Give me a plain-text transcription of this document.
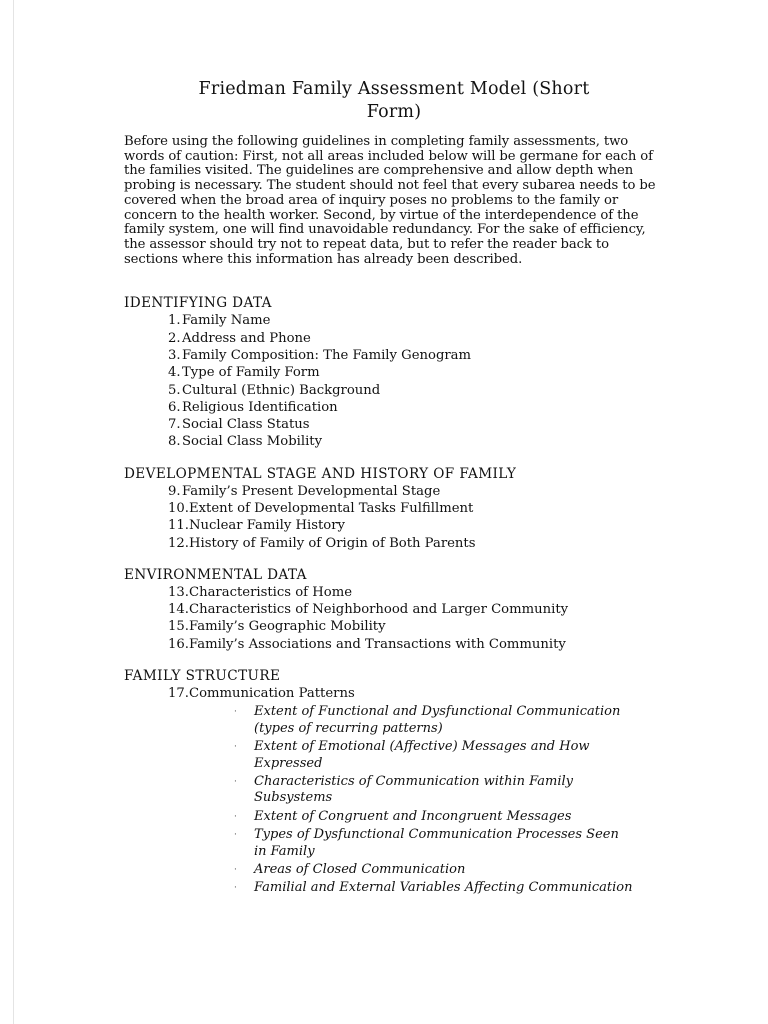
Friedman Family Assessment Model (Short Form)

Before using the following guidelines in completing family assessments, two words of caution: First, not all areas included below will be germane for each of the families visited. The guidelines are comprehensive and allow depth when probing is necessary. The student should not feel that every subarea needs to be covered when the broad area of inquiry poses no problems to the family or concern to the health worker. Second, by virtue of the interdependence of the family system, one will find unavoidable redundancy. For the sake of efficiency, the assessor should try not to repeat data, but to refer the reader back to sections where this information has already been described.

IDENTIFYING DATA
1.Family Name
2.Address and Phone
3.Family Composition: The Family Genogram
4.Type of Family Form
5.Cultural (Ethnic) Background
6.Religious Identification
7.Social Class Status
8.Social Class Mobility
DEVELOPMENTAL STAGE AND HISTORY OF FAMILY
9.Family’s Present Developmental Stage
10.Extent of Developmental Tasks Fulfillment
11.Nuclear Family History
12.History of Family of Origin of Both Parents
ENVIRONMENTAL DATA
13.Characteristics of Home
14.Characteristics of Neighborhood and Larger Community
15.Family’s Geographic Mobility
16.Family’s Associations and Transactions with Community
FAMILY STRUCTURE
17.Communication Patterns
· Extent of Functional and Dysfunctional Communication (types of recurring patterns)
· Extent of Emotional (Affective) Messages and How Expressed
· Characteristics of Communication within Family Subsystems
· Extent of Congruent and Incongruent Messages
· Types of Dysfunctional Communication Processes Seen in Family
· Areas of Closed Communication
· Familial and External Variables Affecting Communication
